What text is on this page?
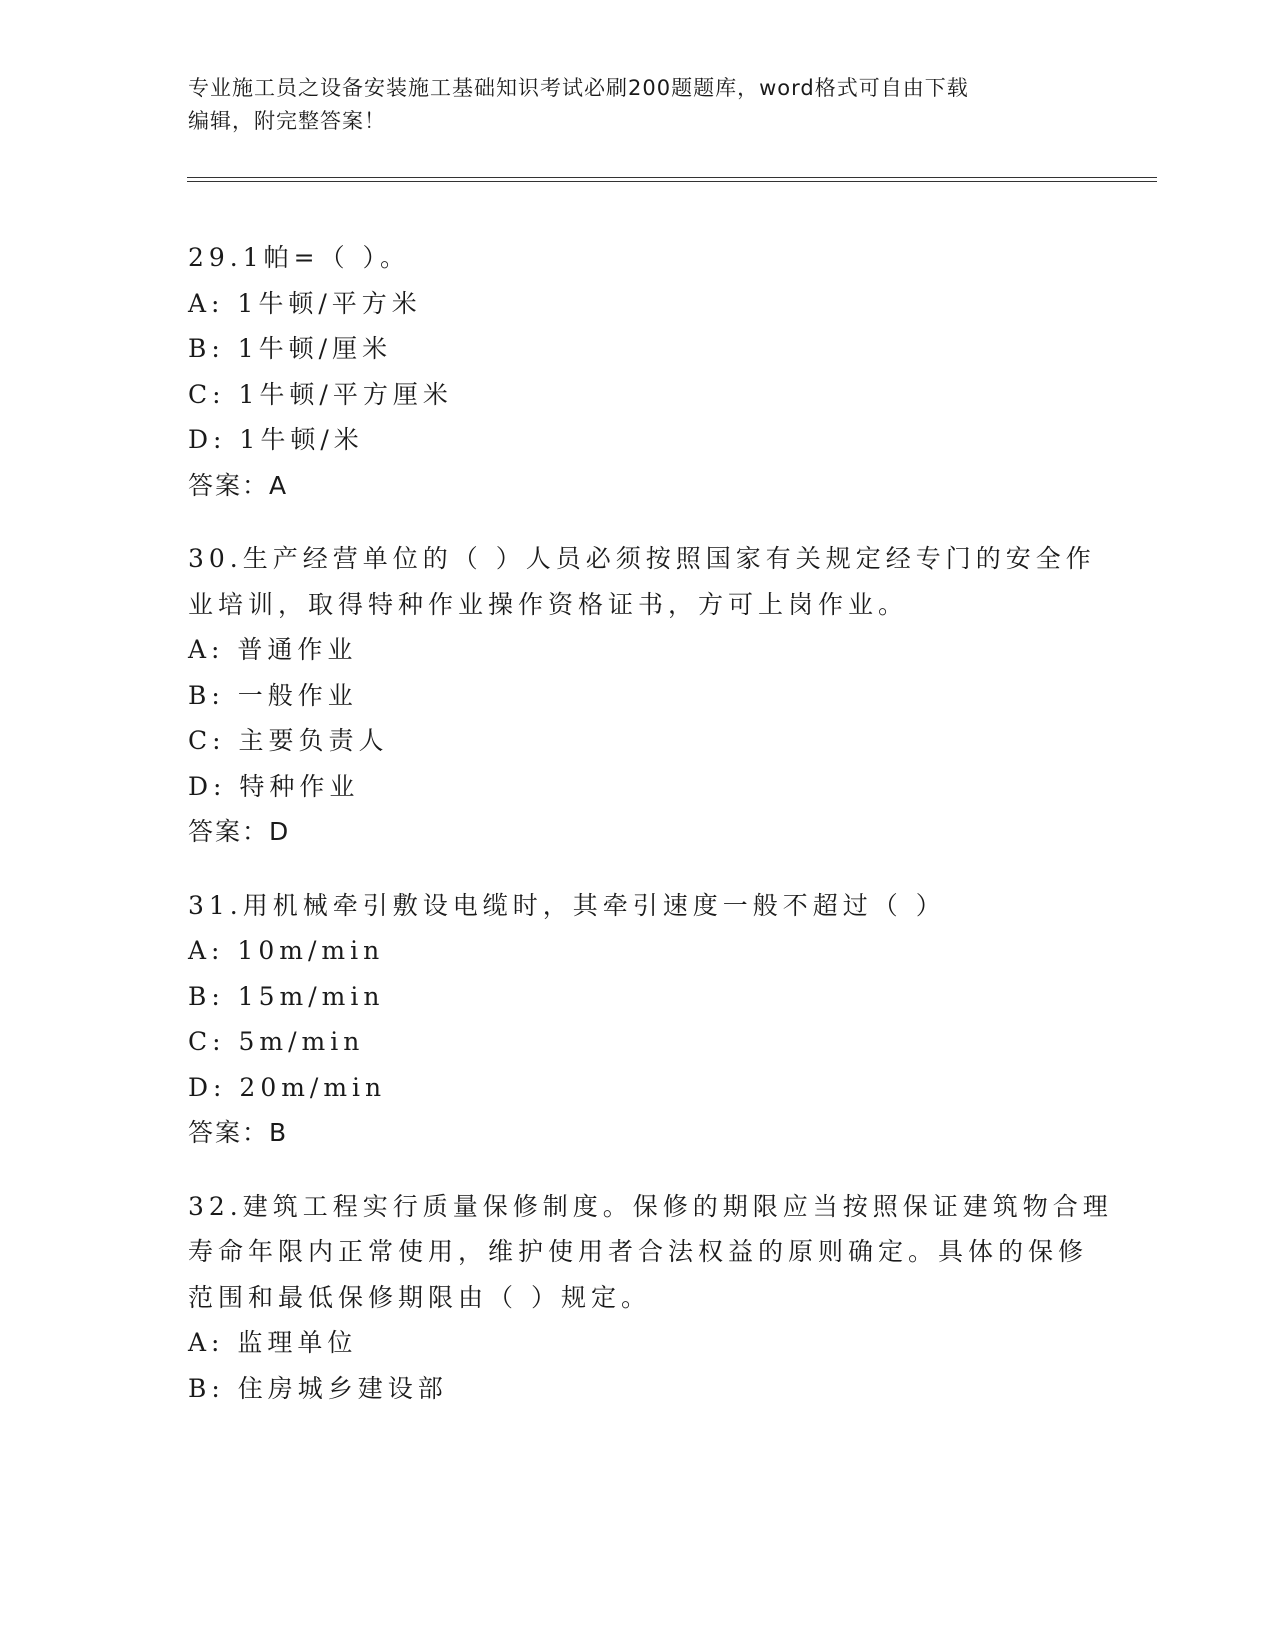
专业施工员之设备安装施工基础知识考试必刷200题题库，word格式可自由下载
编辑，附完整答案！
29.1帕=（ ）。
A: 1牛顿/平方米
B: 1牛顿/厘米
C: 1牛顿/平方厘米
D: 1牛顿/米
答案：A
30.生产经营单位的（ ）人员必须按照国家有关规定经专门的安全作
业培训，取得特种作业操作资格证书，方可上岗作业。
A: 普通作业
B: 一般作业
C: 主要负责人
D: 特种作业
答案：D
31.用机械牵引敷设电缆时，其牵引速度一般不超过（ ）
A: 10m/min
B: 15m/min
C: 5m/min
D: 20m/min
答案：B
32.建筑工程实行质量保修制度。保修的期限应当按照保证建筑物合理
寿命年限内正常使用，维护使用者合法权益的原则确定。具体的保修
范围和最低保修期限由（ ）规定。
A: 监理单位
B: 住房城乡建设部
